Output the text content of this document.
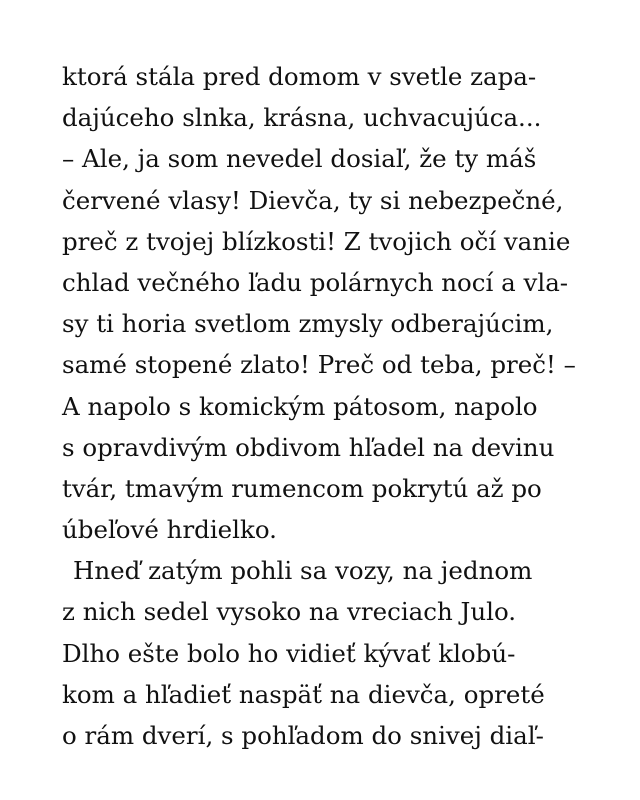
ktorá stála pred domom v svetle zapa-
dajúceho slnka, krásna, uchvacujúca...
– Ale, ja som nevedel dosiaľ, že ty máš
červené vlasy! Dievča, ty si nebezpečné,
preč z tvojej blízkosti! Z tvojich očí vanie
chlad večného ľadu polárnych nocí a vla-
sy ti horia svetlom zmysly odberajúcim,
samé stopené zlato! Preč od teba, preč! –
A napolo s komickým pátosom, napolo
s opravdivým obdivom hľadel na devinu
tvár, tmavým rumencom pokrytú až po
úbeľové hrdielko.
Hneď zatým pohli sa vozy, na jednom
z nich sedel vysoko na vreciach Julo.
Dlho ešte bolo ho vidieť kývať klobú-
kom a hľadieť naspäť na dievča, opreté
o rám dverí, s pohľadom do snivej diaľ-
